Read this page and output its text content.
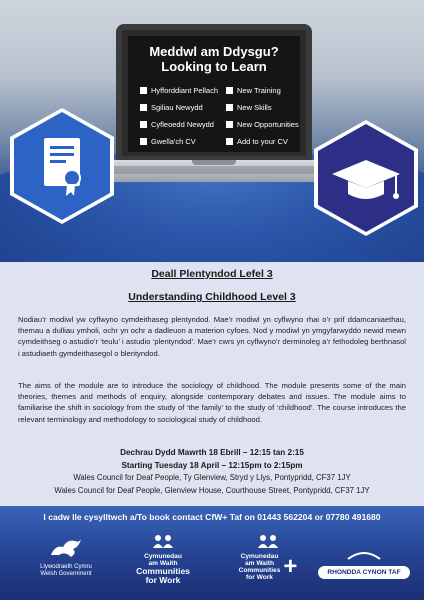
Meddwl am Ddysgu?
Looking to Learn
Hyfforddiant Pellach	New Training
Sgiliau Newydd	New Skills
Cyfleoedd Newydd	New Opportunities
Gwella'ch CV	Add to your CV
Deall Plentyndod Lefel 3
Understanding Childhood Level 3

Nodiau’r modiwl yw cyflwyno cymdeithaseg plentyndod. Mae’r modiwl yn cyflwyno rhai o’r prif ddamcaniaethau, themau a dulliau ymholi, ochr yn ochr a dadleuon a materion cyfoes. Nod y modiwl yn ymgyfarwyddo newid mewn cymdeithseg o astudio’r ‘teulu’ i astudio ‘plentyndod’. Mae’r cwrs yn cyflwyno’r derminoleg a’r fethodoleg berthnasol i astudiaeth gymdeithasegol o blentyndod.

The aims of the module are to introduce the sociology of childhood. The module presents some of the main theories, themes and methods of enquiry, alongside contemporary debates and issues. The module aims to familiarise the shift in sociology from the study of ‘the family’ to the study of ‘childhood’. The course introduces the relevant terminology and methodology to sociological study of childhood.

Dechrau Dydd Mawrth 18 Ebrill – 12:15 tan 2:15
Starting Tuesday 18 April – 12:15pm to 2:15pm
Wales Council for Deaf People, Ty Glenview, Stryd y Llys, Pontypridd, CF37 1JY
Wales Council for Deaf People, Glenview House, Courthouse Street, Pontypridd, CF37 1JY
I cadw lle cysylltwch a/To book contact CfW+ Taf on 01443 562204 or 07780 491680
Llywodraeth Cymru
Welsh Government
Cymunedau
am Waith
Communities
for Work
Cymunedau
am Waith
Communities
for Work +	RHONDDA CYNON TAF
